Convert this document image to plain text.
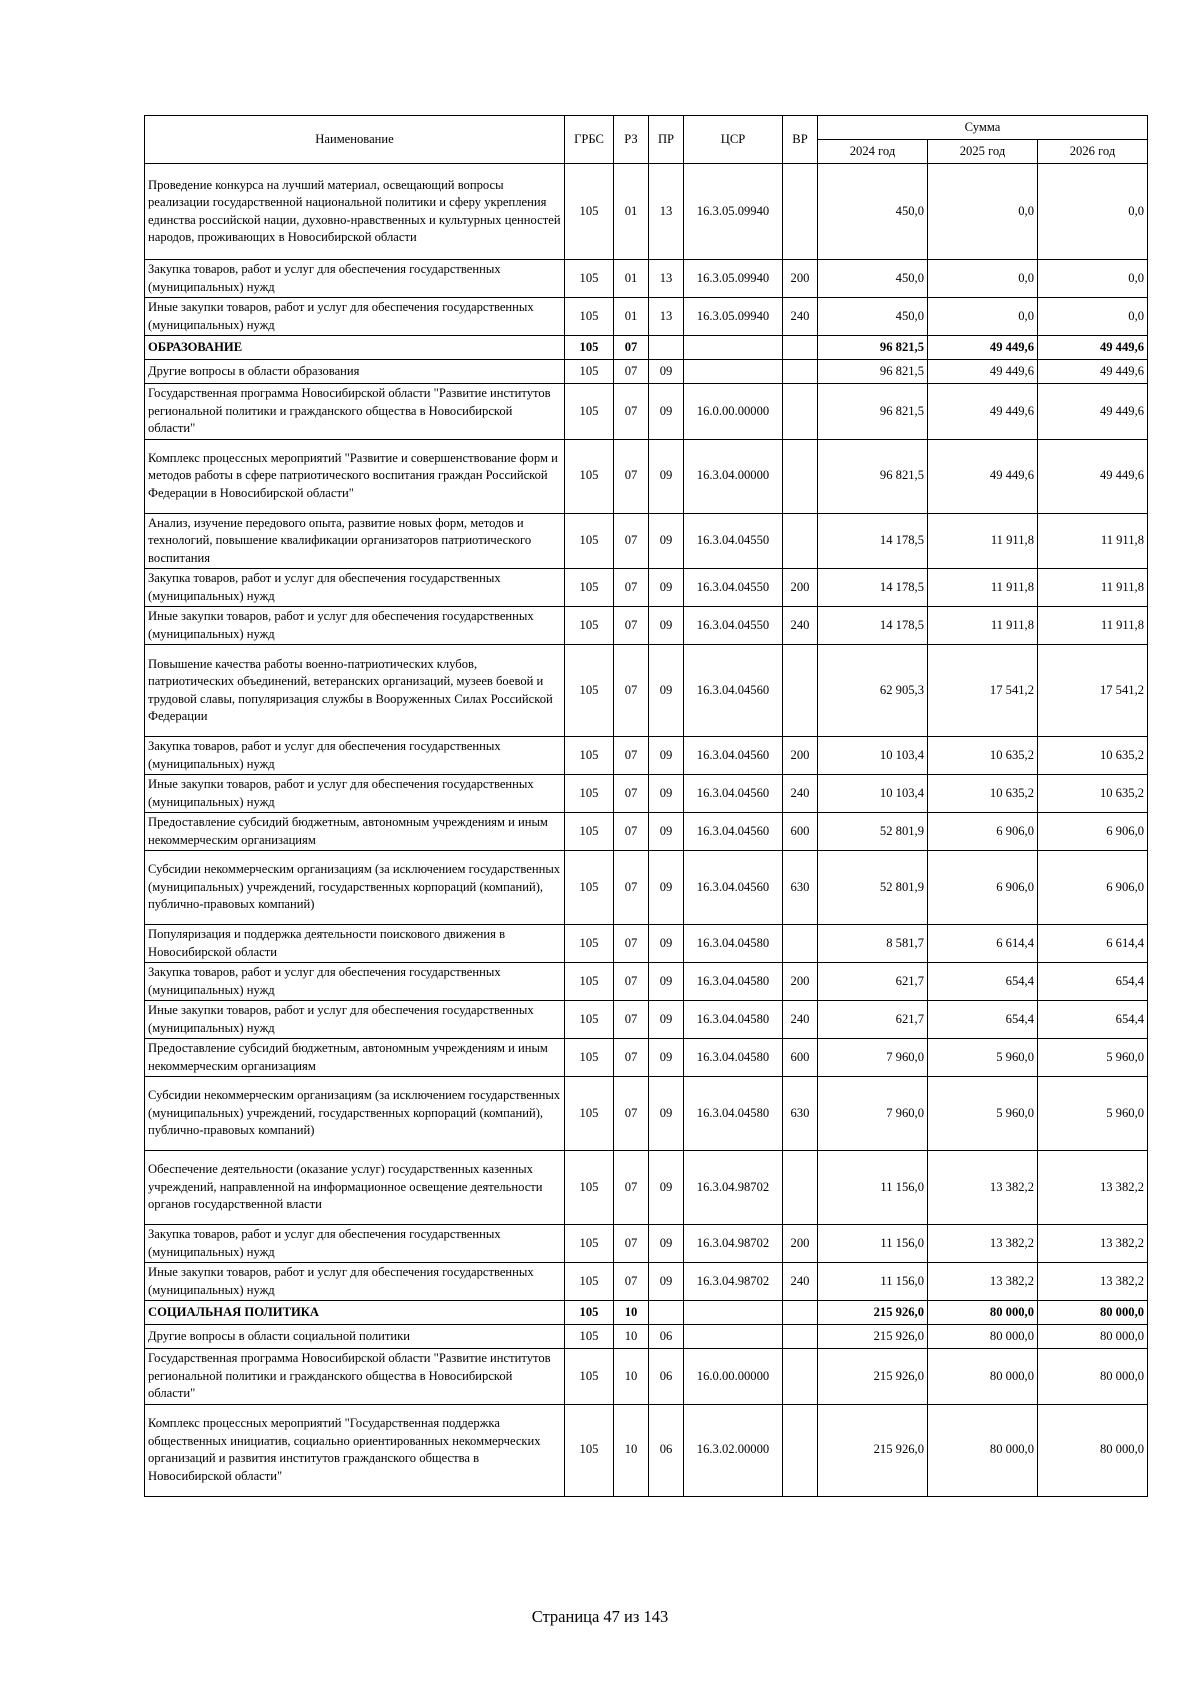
Наименование	ГРБС	РЗ	ПР	ЦСР	ВР	Сумма		
						2024 год	2025 год	2026 год
Проведение конкурса на лучший материал, освещающий вопросы реализации государственной национальной политики и сферу укрепления единства российской нации, духовно-нравственных и культурных ценностей народов, проживающих в Новосибирской области	105	01	13	16.3.05.09940		450,0	0,0	0,0
Закупка товаров, работ и услуг для обеспечения государственных (муниципальных) нужд	105	01	13	16.3.05.09940	200	450,0	0,0	0,0
Иные закупки товаров, работ и услуг для обеспечения государственных (муниципальных) нужд	105	01	13	16.3.05.09940	240	450,0	0,0	0,0
ОБРАЗОВАНИЕ	105	07				96 821,5	49 449,6	49 449,6
Другие вопросы в области образования	105	07	09			96 821,5	49 449,6	49 449,6
Государственная программа Новосибирской области "Развитие институтов региональной политики и гражданского общества в Новосибирской области"	105	07	09	16.0.00.00000		96 821,5	49 449,6	49 449,6
Комплекс процессных мероприятий "Развитие и совершенствование форм и методов работы в сфере патриотического воспитания граждан Российской Федерации в Новосибирской области"	105	07	09	16.3.04.00000		96 821,5	49 449,6	49 449,6
Анализ, изучение передового опыта, развитие новых форм, методов и технологий, повышение квалификации организаторов патриотического воспитания	105	07	09	16.3.04.04550		14 178,5	11 911,8	11 911,8
Закупка товаров, работ и услуг для обеспечения государственных (муниципальных) нужд	105	07	09	16.3.04.04550	200	14 178,5	11 911,8	11 911,8
Иные закупки товаров, работ и услуг для обеспечения государственных (муниципальных) нужд	105	07	09	16.3.04.04550	240	14 178,5	11 911,8	11 911,8
Повышение качества работы военно-патриотических клубов, патриотических объединений, ветеранских организаций, музеев боевой и трудовой славы, популяризация службы в Вооруженных Силах Российской Федерации	105	07	09	16.3.04.04560		62 905,3	17 541,2	17 541,2
Закупка товаров, работ и услуг для обеспечения государственных (муниципальных) нужд	105	07	09	16.3.04.04560	200	10 103,4	10 635,2	10 635,2
Иные закупки товаров, работ и услуг для обеспечения государственных (муниципальных) нужд	105	07	09	16.3.04.04560	240	10 103,4	10 635,2	10 635,2
Предоставление субсидий бюджетным, автономным учреждениям и иным некоммерческим организациям	105	07	09	16.3.04.04560	600	52 801,9	6 906,0	6 906,0
Субсидии некоммерческим организациям (за исключением государственных (муниципальных) учреждений, государственных корпораций (компаний), публично-правовых компаний)	105	07	09	16.3.04.04560	630	52 801,9	6 906,0	6 906,0
Популяризация и поддержка деятельности поискового движения в Новосибирской области	105	07	09	16.3.04.04580		8 581,7	6 614,4	6 614,4
Закупка товаров, работ и услуг для обеспечения государственных (муниципальных) нужд	105	07	09	16.3.04.04580	200	621,7	654,4	654,4
Иные закупки товаров, работ и услуг для обеспечения государственных (муниципальных) нужд	105	07	09	16.3.04.04580	240	621,7	654,4	654,4
Предоставление субсидий бюджетным, автономным учреждениям и иным некоммерческим организациям	105	07	09	16.3.04.04580	600	7 960,0	5 960,0	5 960,0
Субсидии некоммерческим организациям (за исключением государственных (муниципальных) учреждений, государственных корпораций (компаний), публично-правовых компаний)	105	07	09	16.3.04.04580	630	7 960,0	5 960,0	5 960,0
Обеспечение деятельности (оказание услуг) государственных казенных учреждений, направленной на информационное освещение деятельности органов государственной власти	105	07	09	16.3.04.98702		11 156,0	13 382,2	13 382,2
Закупка товаров, работ и услуг для обеспечения государственных (муниципальных) нужд	105	07	09	16.3.04.98702	200	11 156,0	13 382,2	13 382,2
Иные закупки товаров, работ и услуг для обеспечения государственных (муниципальных) нужд	105	07	09	16.3.04.98702	240	11 156,0	13 382,2	13 382,2
СОЦИАЛЬНАЯ ПОЛИТИКА	105	10				215 926,0	80 000,0	80 000,0
Другие вопросы в области социальной политики	105	10	06			215 926,0	80 000,0	80 000,0
Государственная программа Новосибирской области "Развитие институтов региональной политики и гражданского общества в Новосибирской области"	105	10	06	16.0.00.00000		215 926,0	80 000,0	80 000,0
Комплекс процессных мероприятий "Государственная поддержка общественных инициатив, социально ориентированных некоммерческих организаций и развития институтов гражданского общества в Новосибирской области"	105	10	06	16.3.02.00000		215 926,0	80 000,0	80 000,0
Страница 47 из 143
